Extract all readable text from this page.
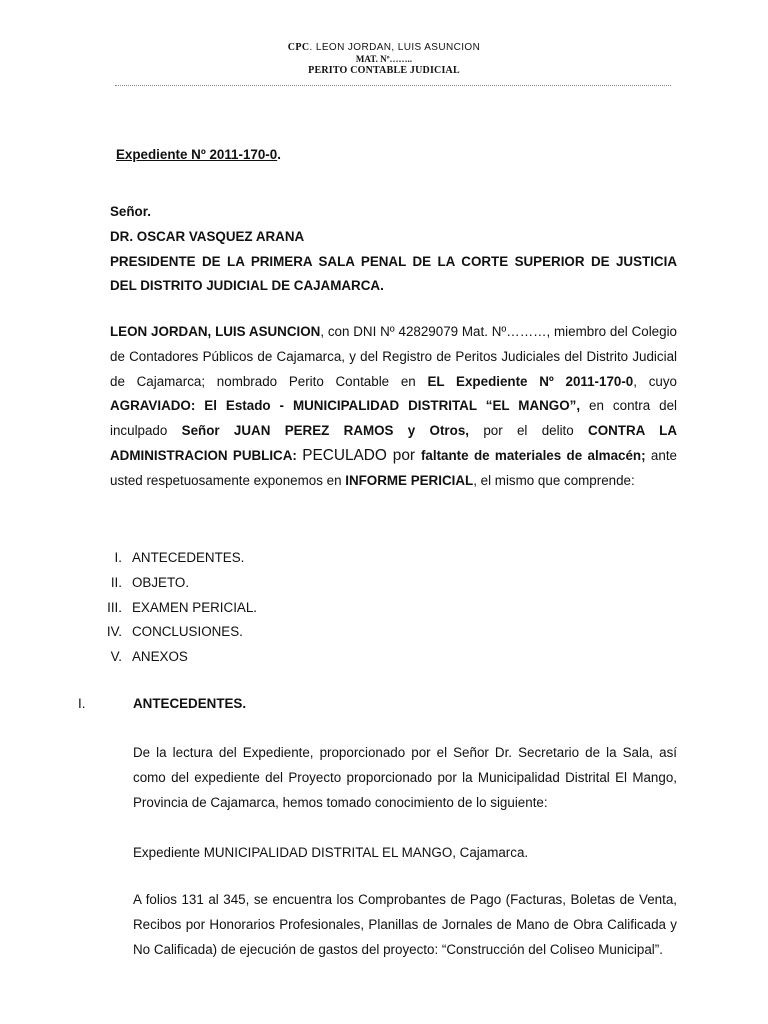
CPC. LEON JORDAN, LUIS ASUNCION
MAT. Nº……..
PERITO CONTABLE JUDICIAL
Expediente Nº 2011-170-0.
Señor.
DR. OSCAR VASQUEZ ARANA
PRESIDENTE DE LA PRIMERA SALA PENAL DE LA CORTE SUPERIOR DE JUSTICIA DEL DISTRITO JUDICIAL DE CAJAMARCA.
LEON JORDAN, LUIS ASUNCION, con DNI Nº 42829079 Mat. Nº………, miembro del Colegio de Contadores Públicos de Cajamarca, y del Registro de Peritos Judiciales del Distrito Judicial de Cajamarca; nombrado Perito Contable en EL Expediente Nº 2011-170-0, cuyo AGRAVIADO: El Estado - MUNICIPALIDAD DISTRITAL “EL MANGO”, en contra del inculpado Señor JUAN PEREZ RAMOS y Otros, por el delito CONTRA LA ADMINISTRACION PUBLICA: PECULADO por faltante de materiales de almacén; ante usted respetuosamente exponemos en INFORME PERICIAL, el mismo que comprende:
I. ANTECEDENTES.
II. OBJETO.
III. EXAMEN PERICIAL.
IV. CONCLUSIONES.
V. ANEXOS
I.	ANTECEDENTES.
De la lectura del Expediente, proporcionado por el Señor Dr. Secretario de la Sala, así como del expediente del Proyecto proporcionado por la Municipalidad Distrital El Mango, Provincia de Cajamarca, hemos tomado conocimiento de lo siguiente:
Expediente MUNICIPALIDAD DISTRITAL EL MANGO, Cajamarca.
A folios 131 al 345, se encuentra los Comprobantes de Pago (Facturas, Boletas de Venta, Recibos por Honorarios Profesionales, Planillas de Jornales de Mano de Obra Calificada y No Calificada) de ejecución de gastos del proyecto: “Construcción del Coliseo Municipal”.
